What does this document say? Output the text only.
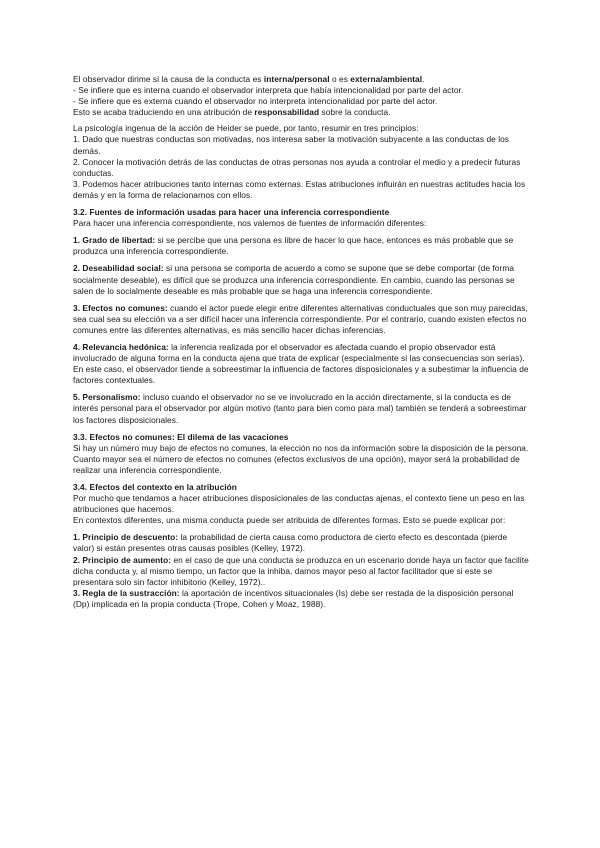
El observador dirime si la causa de la conducta es interna/personal o es externa/ambiental.

- Se infiere que es interna cuando el observador interpreta que había intencionalidad por parte del actor.

- Se infiere que es externa cuando el observador no interpreta intencionalidad por parte del actor.

Esto se acaba traduciendo en una atribución de responsabilidad sobre la conducta.

La psicología ingenua de la acción de Heider se puede, por tanto, resumir en tres principios:

1. Dado que nuestras conductas son motivadas, nos interesa saber la motivación subyacente a las conductas de los demás.

2. Conocer la motivación detrás de las conductas de otras personas nos ayuda a controlar el medio y a predecir futuras conductas.

3. Podemos hacer atribuciones tanto internas como externas. Estas atribuciones influirán en nuestras actitudes hacia los demás y en la forma de relacionarnos con ellos.

3.2. Fuentes de información usadas para hacer una inferencia correspondiente

Para hacer una inferencia correspondiente, nos valemos de fuentes de información diferentes:

1. Grado de libertad: si se percibe que una persona es libre de hacer lo que hace, entonces es más probable que se produzca una inferencia correspondiente.

2. Deseabilidad social: si una persona se comporta de acuerdo a como se supone que se debe comportar (de forma socialmente deseable), es difícil que se produzca una inferencia correspondiente. En cambio, cuando las personas se salen de lo socialmente deseable es más probable que se haga una inferencia correspondiente.

3. Efectos no comunes: cuando el actor puede elegir entre diferentes alternativas conductuales que son muy parecidas, sea cual sea su elección va a ser difícil hacer una inferencia correspondiente. Por el contrario, cuando existen efectos no comunes entre las diferentes alternativas, es más sencillo hacer dichas inferencias.

4. Relevancia hedónica: la inferencia realizada por el observador es afectada cuando el propio observador está involucrado de alguna forma en la conducta ajena que trata de explicar (especialmente si las consecuencias son serias). En este caso, el observador tiende a sobreestimar la influencia de factores disposicionales y a subestimar la influencia de factores contextuales.

5. Personalismo: incluso cuando el observador no se ve involucrado en la acción directamente, si la conducta es de interés personal para el observador por algún motivo (tanto para bien como para mal) también se tenderá a sobreestimar los factores disposicionales.

3.3. Efectos no comunes: El dilema de las vacaciones

Si hay un número muy bajo de efectos no comunes, la elección no nos da información sobre la disposición de la persona.

Cuanto mayor sea el número de efectos no comunes (efectos exclusivos de una opción), mayor será la probabilidad de realizar una inferencia correspondiente.

3.4. Efectos del contexto en la atribución

Por mucho que tendamos a hacer atribuciones disposicionales de las conductas ajenas, el contexto tiene un peso en las atribuciones que hacemos.

En contextos diferentes, una misma conducta puede ser atribuida de diferentes formas. Esto se puede explicar por:

1. Principio de descuento: la probabilidad de cierta causa como productora de cierto efecto es descontada (pierde valor) si están presentes otras causas posibles (Kelley, 1972).

2. Principio de aumento: en el caso de que una conducta se produzca en un escenario donde haya un factor que facilite dicha conducta y, al mismo tiempo, un factor que la inhiba, damos mayor peso al factor facilitador que si este se presentara solo sin factor inhibitorio (Kelley, 1972)..

3. Regla de la sustracción: la aportación de incentivos situacionales (Is) debe ser restada de la disposición personal (Dp) implicada en la propia conducta (Trope, Cohen y Moaz, 1988).
